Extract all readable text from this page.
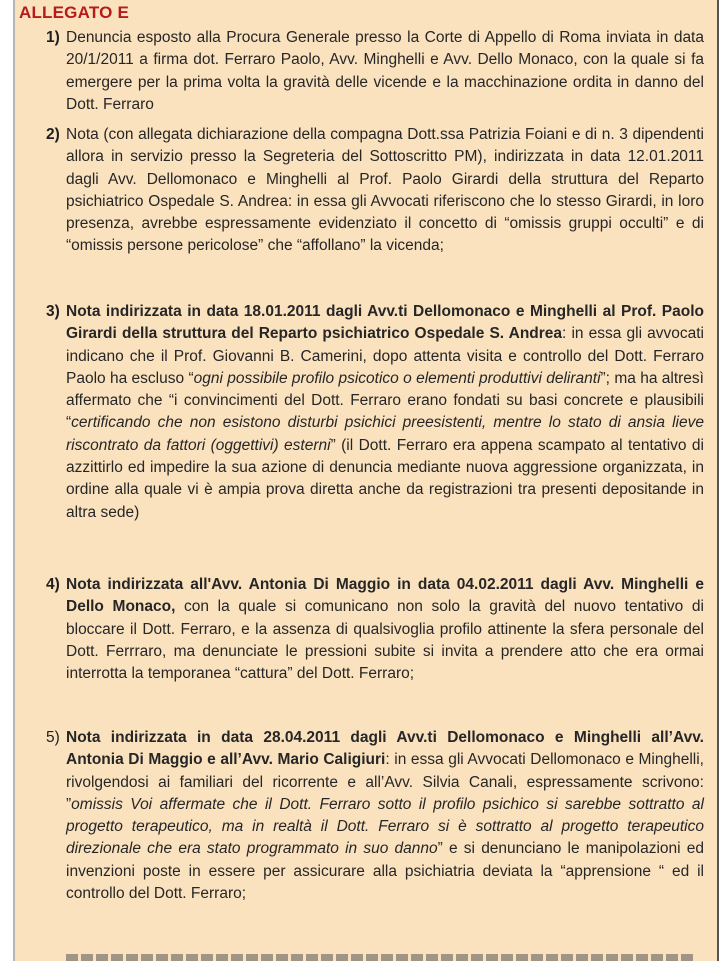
ALLEGATO E
1) Denuncia esposto alla Procura Generale presso la Corte di Appello di Roma inviata in data 20/1/2011 a firma dot. Ferraro Paolo, Avv. Minghelli e Avv. Dello Monaco, con la quale si fa emergere per la prima volta la gravità delle vicende e la macchinazione ordita in danno del Dott. Ferraro

2) Nota (con allegata dichiarazione della compagna Dott.ssa Patrizia Foiani e di n. 3 dipendenti allora in servizio presso la Segreteria del Sottoscritto PM), indirizzata in data 12.01.2011 dagli Avv. Dellomonaco e Minghelli al Prof. Paolo Girardi della struttura del Reparto psichiatrico Ospedale S. Andrea: in essa gli Avvocati riferiscono che lo stesso Girardi, in loro presenza, avrebbe espressamente evidenziato il concetto di “omissis gruppi occulti” e di “omissis persone pericolose” che “affollano” la vicenda;

3) Nota indirizzata in data 18.01.2011 dagli Avv.ti Dellomonaco e Minghelli al Prof. Paolo Girardi della struttura del Reparto psichiatrico Ospedale S. Andrea: in essa gli avvocati indicano che il Prof. Giovanni B. Camerini, dopo attenta visita e controllo del Dott. Ferraro Paolo ha escluso “ogni possibile profilo psicotico o elementi produttivi deliranti”; ma ha altresì affermato che “i convincimenti del Dott. Ferraro erano fondati su basi concrete e plausibili “certificando che non esistono disturbi psichici preesistenti, mentre lo stato di ansia lieve riscontrato da fattori (oggettivi) esterni” (il Dott. Ferraro era appena scampato al tentativo di azzittirlo ed impedire la sua azione di denuncia mediante nuova aggressione organizzata, in ordine alla quale vi è ampia prova diretta anche da registrazioni tra presenti depositande in altra sede)

4) Nota indirizzata all'Avv. Antonia Di Maggio in data 04.02.2011 dagli Avv. Minghelli e Dello Monaco, con la quale si comunicano non solo la gravità del nuovo tentativo di bloccare il Dott. Ferraro, e la assenza di qualsivoglia profilo attinente la sfera personale del Dott. Ferrraro, ma denunciate le pressioni subite si invita a prendere atto che era ormai interrotta la temporanea “cattura” del Dott. Ferraro;

5) Nota indirizzata in data 28.04.2011 dagli Avv.ti Dellomonaco e Minghelli all’Avv. Antonia Di Maggio e all’Avv. Mario Caligiuri: in essa gli Avvocati Dellomonaco e Minghelli, rivolgendosi ai familiari del ricorrente e all’Avv. Silvia Canali, espressamente scrivono: ”omissis Voi affermate che il Dott. Ferraro sotto il profilo psichico si sarebbe sottratto al progetto terapeutico, ma in realtà il Dott. Ferraro si è sottratto al progetto terapeutico direzionale che era stato programmato in suo danno” e si denunciano le manipolazioni ed invenzioni poste in essere per assicurare alla psichiatria deviata la “apprensione “ ed il controllo del Dott. Ferraro;
